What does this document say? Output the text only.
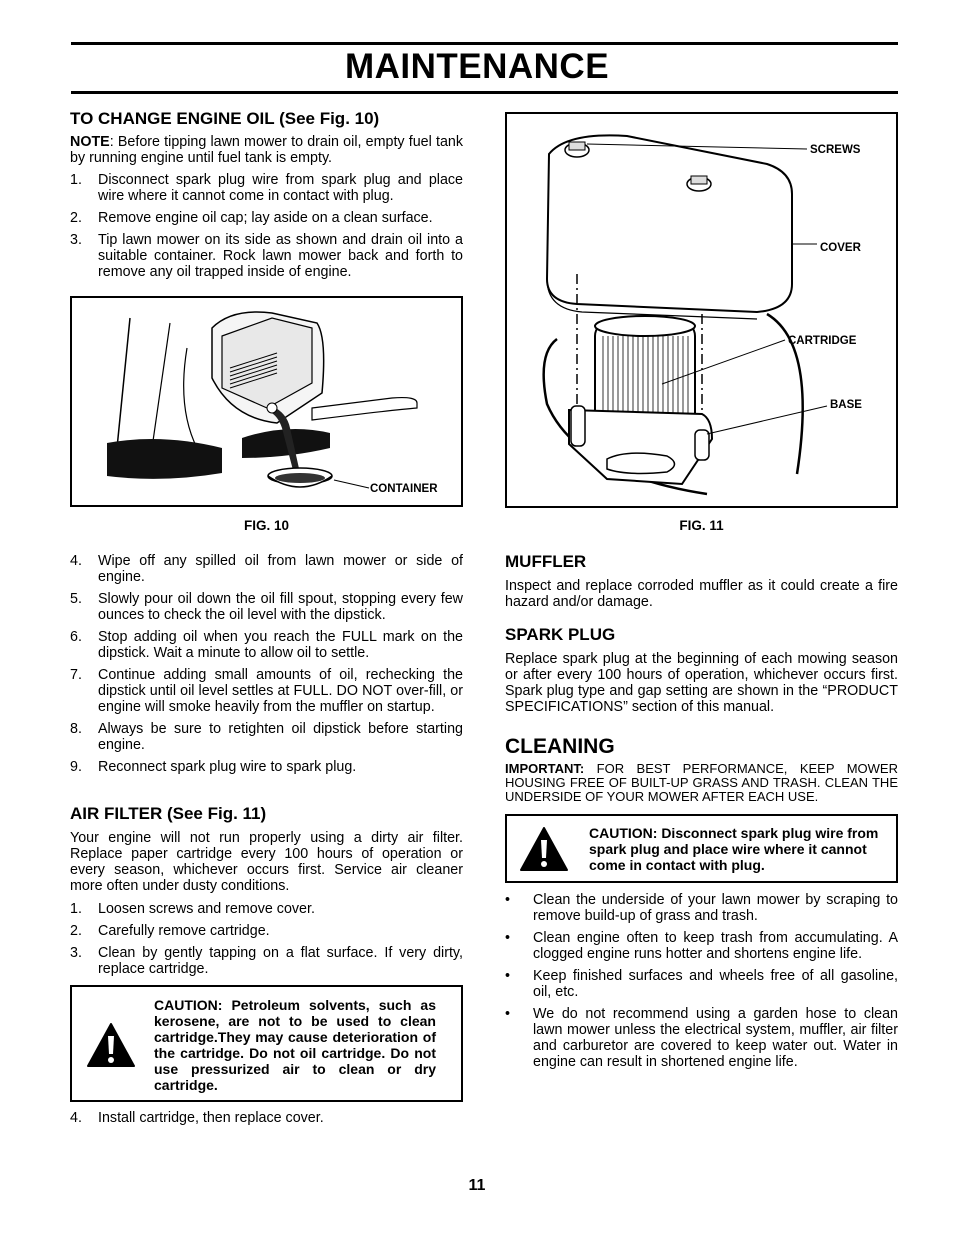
MAINTENANCE
TO CHANGE ENGINE OIL (See Fig. 10)
NOTE: Before tipping lawn mower to drain oil, empty fuel tank by running engine until fuel tank is empty.
1. Disconnect spark plug wire from spark plug and place wire where it cannot come in contact with plug.
2. Remove engine oil cap; lay aside on a clean surface.
3. Tip lawn mower on its side as shown and drain oil into a suitable container. Rock lawn mower back and forth to remove any oil trapped inside of engine.
CONTAINER
FIG. 10
4. Wipe off any spilled oil from lawn mower or side of engine.
5. Slowly pour oil down the oil fill spout, stopping every few ounces to check the oil level with the dipstick.
6. Stop adding oil when you reach the FULL mark on the dipstick. Wait a minute to allow oil to settle.
7. Continue adding small amounts of oil, rechecking the dipstick until oil level settles at FULL. DO NOT over-fill, or engine will smoke heavily from the muffler on startup.
8. Always be sure to retighten oil dipstick before starting engine.
9. Reconnect spark plug wire to spark plug.
AIR FILTER (See Fig. 11)
Your engine will not run properly using a dirty air filter. Replace paper cartridge every 100 hours of operation or every season, whichever occurs first. Service air cleaner more often under dusty conditions.
1. Loosen screws and remove cover.
2. Carefully remove cartridge.
3. Clean by gently tapping on a flat surface. If very dirty, replace cartridge.
CAUTION: Petroleum solvents, such as kerosene, are not to be used to clean cartridge.They may cause deterioration of the cartridge. Do not oil cartridge. Do not use pressurized air to clean or dry cartridge.
4. Install cartridge, then replace cover.
SCREWS
COVER
CARTRIDGE
BASE
FIG. 11
MUFFLER
Inspect and replace corroded muffler as it could create a fire hazard and/or damage.
SPARK PLUG
Replace spark plug at the beginning of each mowing season or after every 100 hours of operation, whichever occurs first. Spark plug type and gap setting are shown in the “PRODUCT SPECIFICATIONS” section of this manual.
CLEANING
IMPORTANT: FOR BEST PERFORMANCE, KEEP MOWER HOUSING FREE OF BUILT-UP GRASS AND TRASH. CLEAN THE UNDERSIDE OF YOUR MOWER AFTER EACH USE.
CAUTION: Disconnect spark plug wire from spark plug and place wire where it cannot come in contact with plug.
• Clean the underside of your lawn mower by scraping to remove build-up of grass and trash.
• Clean engine often to keep trash from accumulating. A clogged engine runs hotter and shortens engine life.
• Keep finished surfaces and wheels free of all gasoline, oil, etc.
• We do not recommend using a garden hose to clean lawn mower unless the electrical system, muffler, air filter and carburetor are covered to keep water out. Water in engine can result in shortened engine life.
11
